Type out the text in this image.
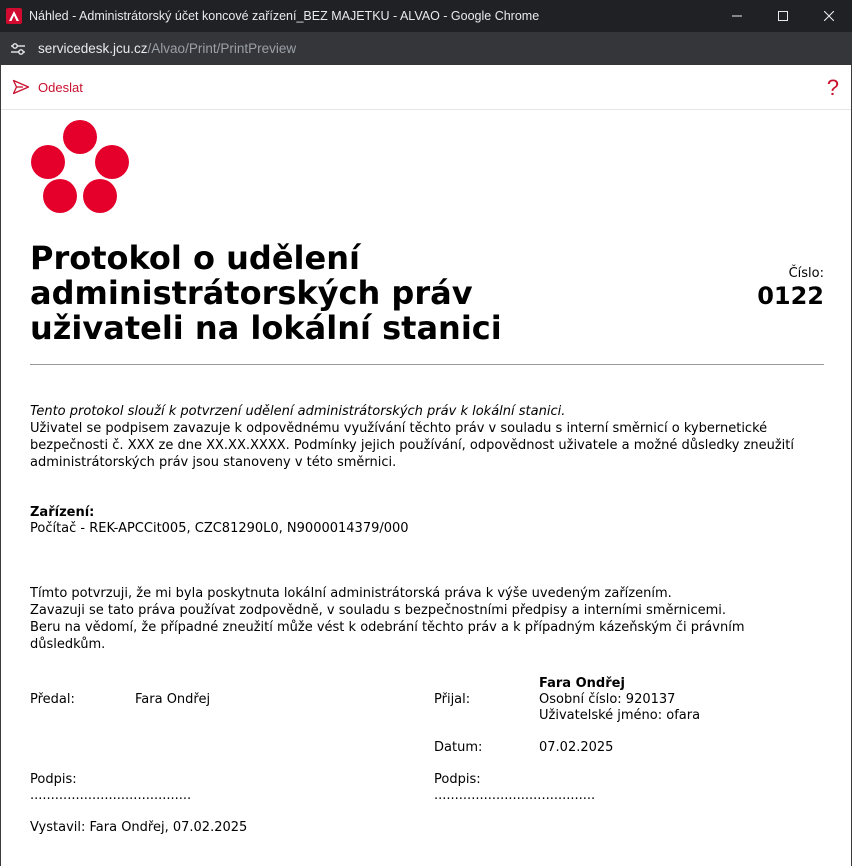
Náhled - Administrátorský účet koncové zařízení_BEZ MAJETKU - ALVAO - Google Chrome
servicedesk.jcu.cz /Alvao/Print/PrintPreview
Odeslat	?
Protokol o udělení
administrátorských práv
uživateli na lokální stanici
Číslo:
0122
Tento protokol slouží k potvrzení udělení administrátorských práv k lokální stanici.
Uživatel se podpisem zavazuje k odpovědnému využívání těchto práv v souladu s interní směrnicí o kybernetické
bezpečnosti č. XXX ze dne XX.XX.XXXX. Podmínky jejich používání, odpovědnost uživatele a možné důsledky zneužití
administrátorských práv jsou stanoveny v této směrnici.
Zařízení:
Počítač - REK-APCCit005, CZC81290L0, N9000014379/000
Tímto potvrzuji, že mi byla poskytnuta lokální administrátorská práva k výše uvedeným zařízením.
Zavazuji se tato práva používat zodpovědně, v souladu s bezpečnostními předpisy a interními směrnicemi.
Beru na vědomí, že případné zneužití může vést k odebrání těchto práv a k případným kázeňským či právním
důsledkům.
Předal:	Fara Ondřej	Přijal:
Fara Ondřej
Osobní číslo: 920137
Uživatelské jméno: ofara
Datum:	07.02.2025
Podpis:
.......................................
Podpis:
.......................................
Vystavil: Fara Ondřej, 07.02.2025
